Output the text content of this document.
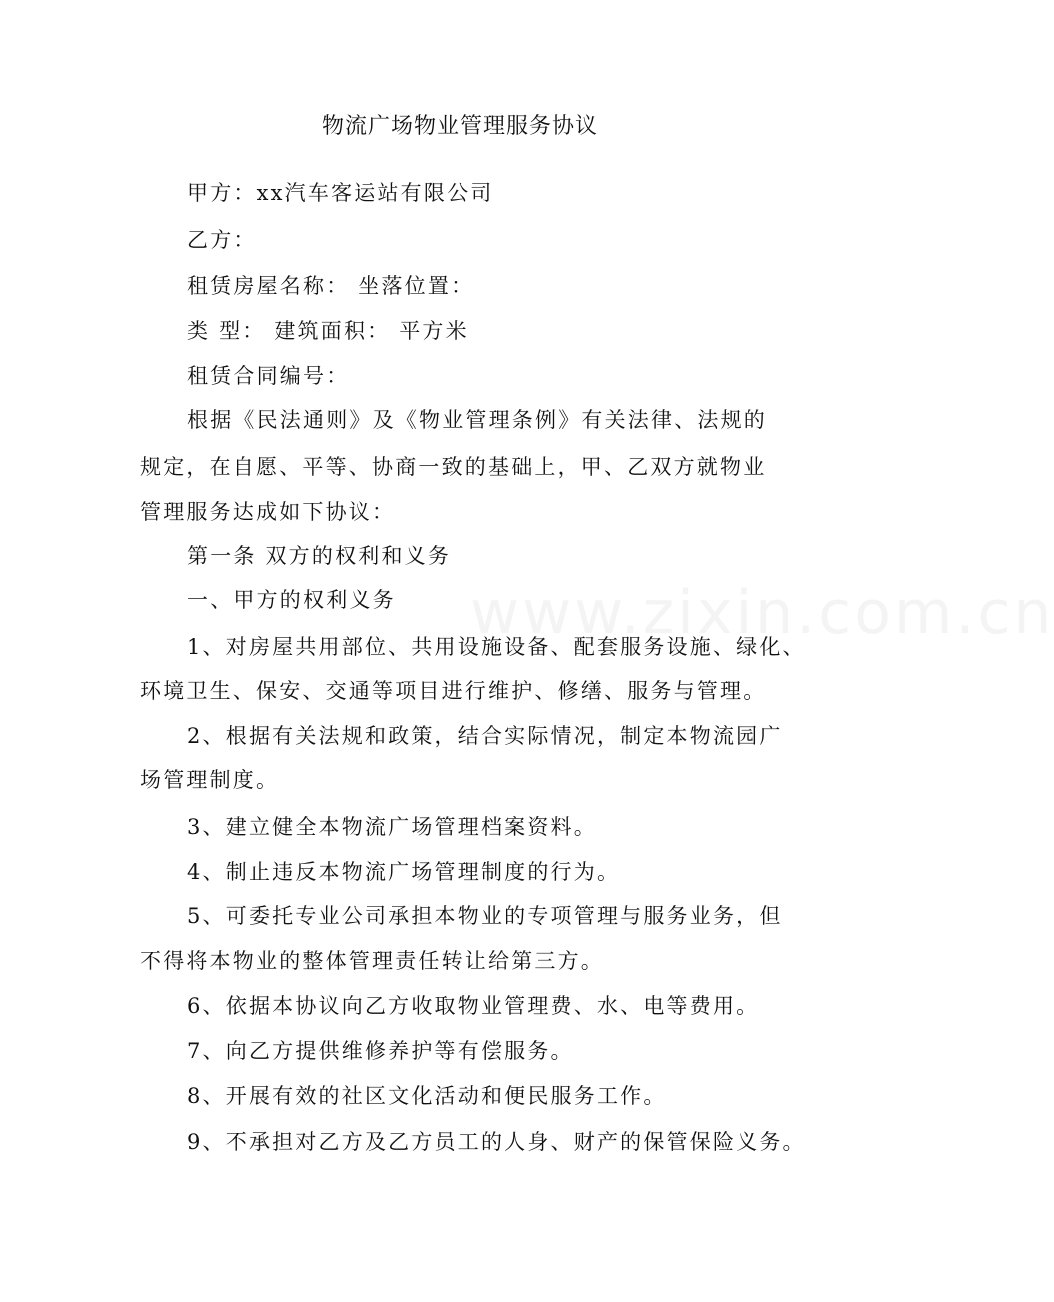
www.zixin.com.cn
物流广场物业管理服务协议
甲方：xx汽车客运站有限公司
乙方：
租赁房屋名称： 坐落位置：
类 型： 建筑面积： 平方米
租赁合同编号：
根据《民法通则》及《物业管理条例》有关法律、法规的
规定，在自愿、平等、协商一致的基础上，甲、乙双方就物业
管理服务达成如下协议：
第一条 双方的权利和义务
一、甲方的权利义务
1、对房屋共用部位、共用设施设备、配套服务设施、绿化、
环境卫生、保安、交通等项目进行维护、修缮、服务与管理。
2、根据有关法规和政策，结合实际情况，制定本物流园广
场管理制度。
3、建立健全本物流广场管理档案资料。
4、制止违反本物流广场管理制度的行为。
5、可委托专业公司承担本物业的专项管理与服务业务，但
不得将本物业的整体管理责任转让给第三方。
6、依据本协议向乙方收取物业管理费、水、电等费用。
7、向乙方提供维修养护等有偿服务。
8、开展有效的社区文化活动和便民服务工作。
9、不承担对乙方及乙方员工的人身、财产的保管保险义务。
